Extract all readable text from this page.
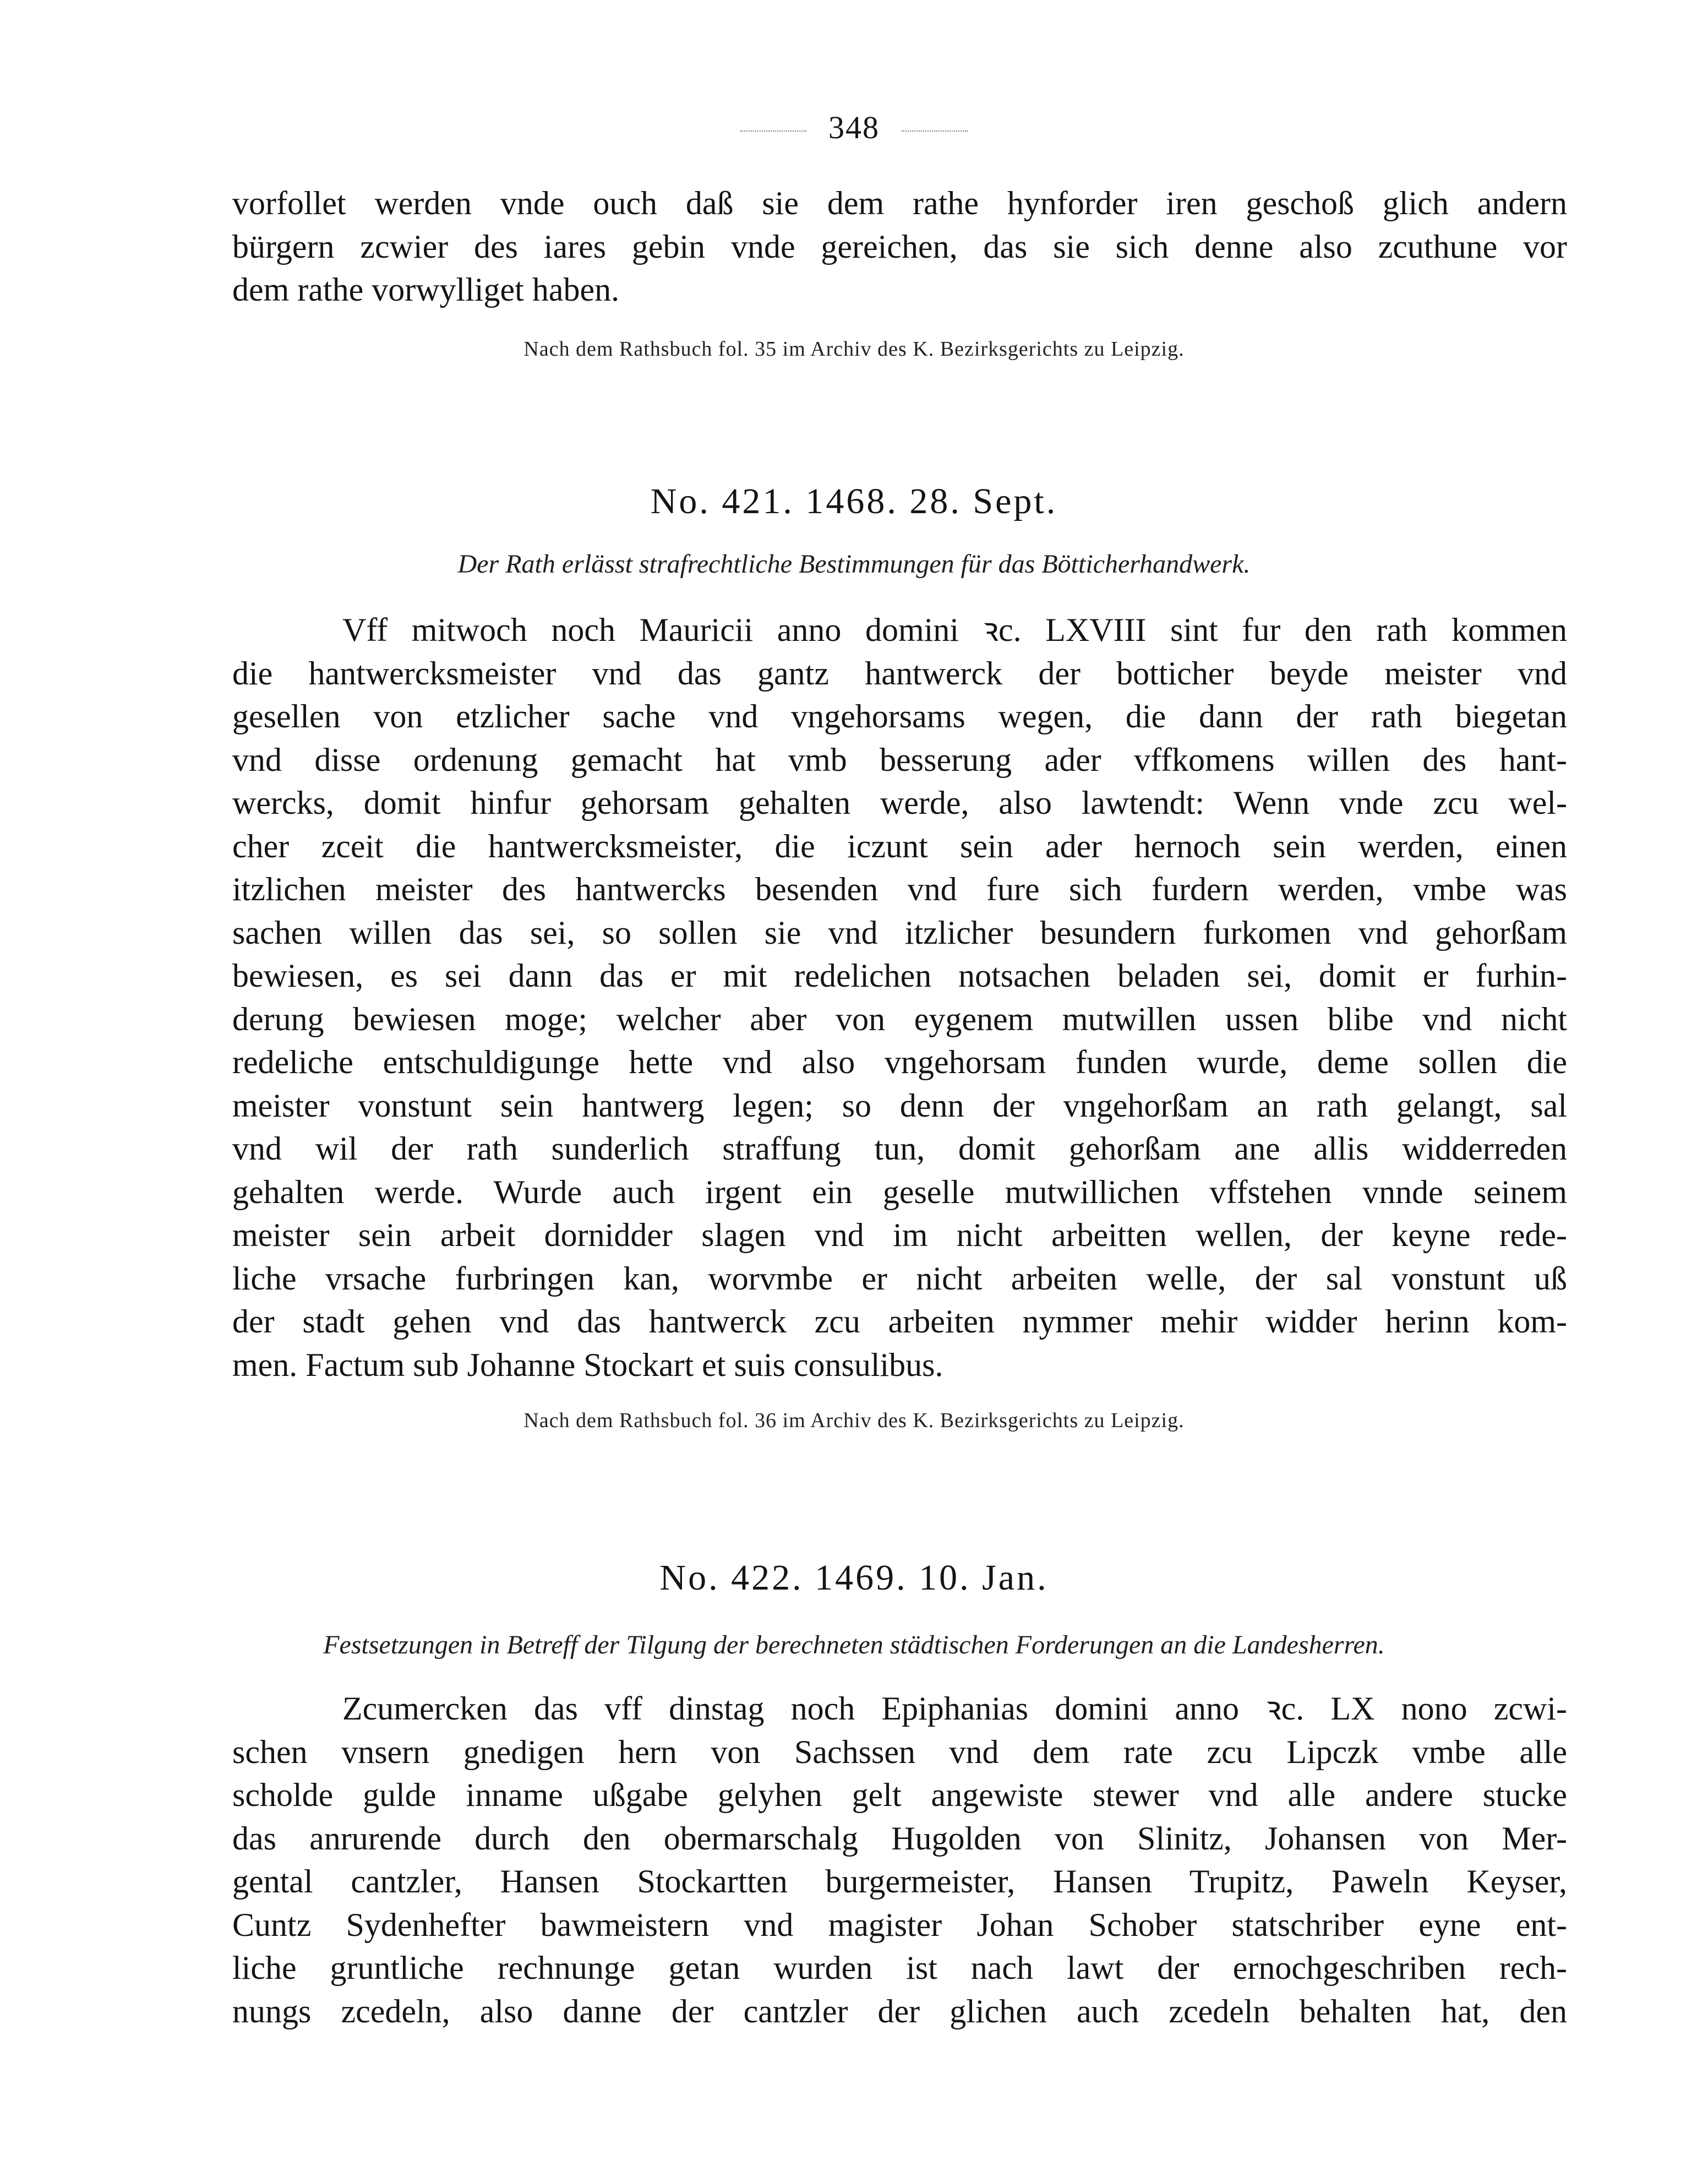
348
vorfollet werden vnde ouch daß sie dem rathe hynforder iren geschoß glich andern
bürgern zcwier des iares gebin vnde gereichen, das sie sich denne also zcuthune vor
dem rathe vorwylliget haben.
Nach dem Rathsbuch fol. 35 im Archiv des K. Bezirksgerichts zu Leipzig.
No. 421. 1468. 28. Sept.
Der Rath erlässt strafrechtliche Bestimmungen für das Bötticherhandwerk.
Vff mitwoch noch Mauricii anno domini ꝛc. LXVIII sint fur den rath kommen
die hantwercksmeister vnd das gantz hantwerck der botticher beyde meister vnd
gesellen von etzlicher sache vnd vngehorsams wegen, die dann der rath biegetan
vnd disse ordenung gemacht hat vmb besserung ader vffkomens willen des hant-
wercks, domit hinfur gehorsam gehalten werde, also lawtendt: Wenn vnde zcu wel-
cher zceit die hantwercksmeister, die iczunt sein ader hernoch sein werden, einen
itzlichen meister des hantwercks besenden vnd fure sich furdern werden, vmbe was
sachen willen das sei, so sollen sie vnd itzlicher besundern furkomen vnd gehorßam
bewiesen, es sei dann das er mit redelichen notsachen beladen sei, domit er furhin-
derung bewiesen moge; welcher aber von eygenem mutwillen ussen blibe vnd nicht
redeliche entschuldigunge hette vnd also vngehorsam funden wurde, deme sollen die
meister vonstunt sein hantwerg legen; so denn der vngehorßam an rath gelangt, sal
vnd wil der rath sunderlich straffung tun, domit gehorßam ane allis widderreden
gehalten werde. Wurde auch irgent ein geselle mutwillichen vffstehen vnnde seinem
meister sein arbeit dornidder slagen vnd im nicht arbeitten wellen, der keyne rede-
liche vrsache furbringen kan, worvmbe er nicht arbeiten welle, der sal vonstunt uß
der stadt gehen vnd das hantwerck zcu arbeiten nymmer mehir widder herinn kom-
men. Factum sub Johanne Stockart et suis consulibus.
Nach dem Rathsbuch fol. 36 im Archiv des K. Bezirksgerichts zu Leipzig.
No. 422. 1469. 10. Jan.
Festsetzungen in Betreff der Tilgung der berechneten städtischen Forderungen an die Landesherren.
Zcumercken das vff dinstag noch Epiphanias domini anno ꝛc. LX nono zcwi-
schen vnsern gnedigen hern von Sachssen vnd dem rate zcu Lipczk vmbe alle
scholde gulde inname ußgabe gelyhen gelt angewiste stewer vnd alle andere stucke
das anrurende durch den obermarschalg Hugolden von Slinitz, Johansen von Mer-
gental cantzler, Hansen Stockartten burgermeister, Hansen Trupitz, Paweln Keyser,
Cuntz Sydenhefter bawmeistern vnd magister Johan Schober statschriber eyne ent-
liche gruntliche rechnunge getan wurden ist nach lawt der ernochgeschriben rech-
nungs zcedeln, also danne der cantzler der glichen auch zcedeln behalten hat, den
